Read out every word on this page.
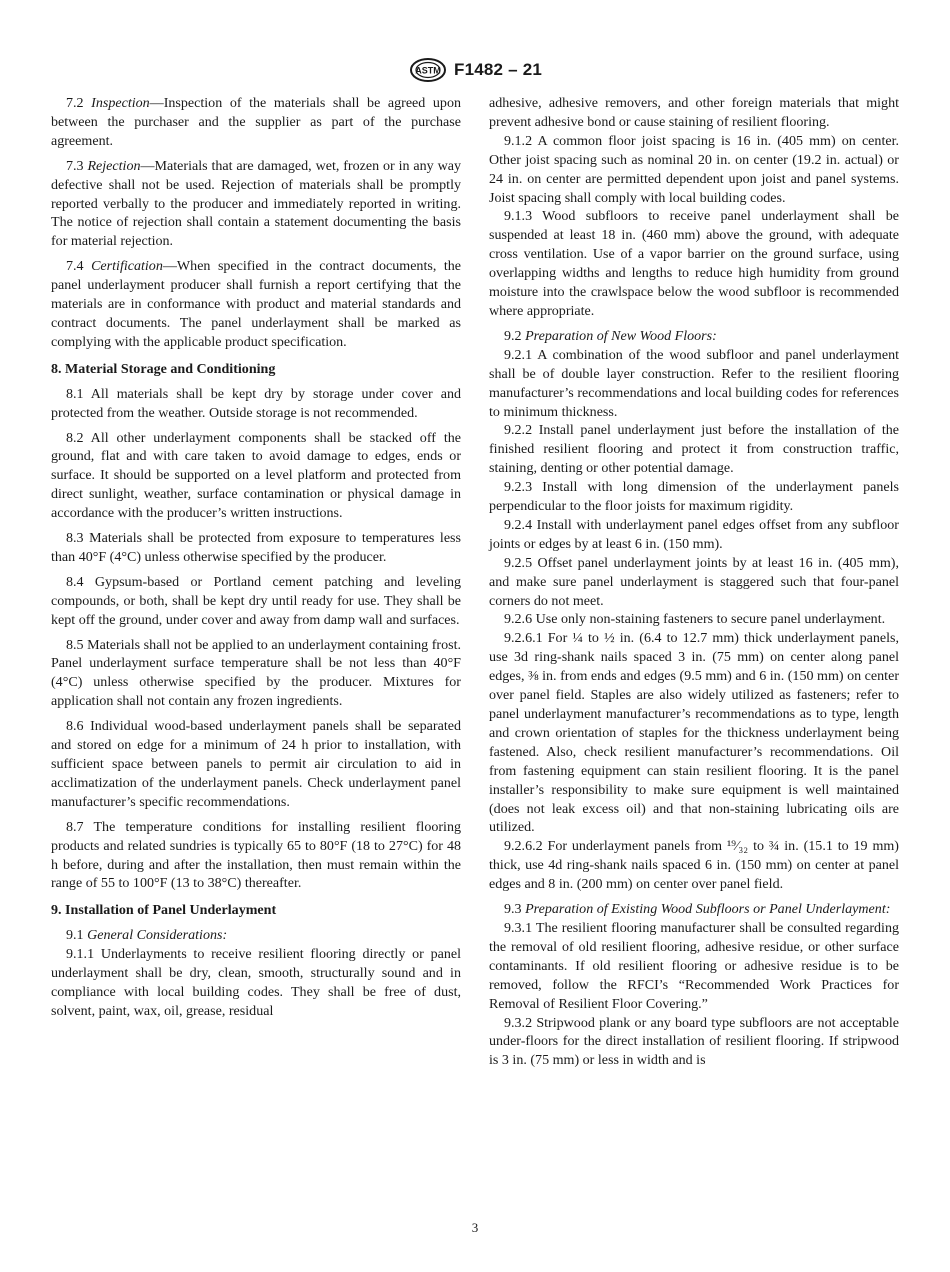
ASTM F1482 – 21

7.2 Inspection—Inspection of the materials shall be agreed upon between the purchaser and the supplier as part of the purchase agreement.

7.3 Rejection—Materials that are damaged, wet, frozen or in any way defective shall not be used. Rejection of materials shall be promptly reported verbally to the producer and immediately reported in writing. The notice of rejection shall contain a statement documenting the basis for material rejection.

7.4 Certification—When specified in the contract documents, the panel underlayment producer shall furnish a report certifying that the materials are in conformance with product and material standards and contract documents. The panel underlayment shall be marked as complying with the applicable product specification.

8. Material Storage and Conditioning

8.1 All materials shall be kept dry by storage under cover and protected from the weather. Outside storage is not recommended.

8.2 All other underlayment components shall be stacked off the ground, flat and with care taken to avoid damage to edges, ends or surface. It should be supported on a level platform and protected from direct sunlight, weather, surface contamination or physical damage in accordance with the producer’s written instructions.

8.3 Materials shall be protected from exposure to temperatures less than 40°F (4°C) unless otherwise specified by the producer.

8.4 Gypsum-based or Portland cement patching and leveling compounds, or both, shall be kept dry until ready for use. They shall be kept off the ground, under cover and away from damp wall and surfaces.

8.5 Materials shall not be applied to an underlayment containing frost. Panel underlayment surface temperature shall be not less than 40°F (4°C) unless otherwise specified by the producer. Mixtures for application shall not contain any frozen ingredients.

8.6 Individual wood-based underlayment panels shall be separated and stored on edge for a minimum of 24 h prior to installation, with sufficient space between panels to permit air circulation to aid in acclimatization of the underlayment panels. Check underlayment panel manufacturer’s specific recommendations.

8.7 The temperature conditions for installing resilient flooring products and related sundries is typically 65 to 80°F (18 to 27°C) for 48 h before, during and after the installation, then must remain within the range of 55 to 100°F (13 to 38°C) thereafter.

9. Installation of Panel Underlayment

9.1 General Considerations:

9.1.1 Underlayments to receive resilient flooring directly or panel underlayment shall be dry, clean, smooth, structurally sound and in compliance with local building codes. They shall be free of dust, solvent, paint, wax, oil, grease, residual

adhesive, adhesive removers, and other foreign materials that might prevent adhesive bond or cause staining of resilient flooring.

9.1.2 A common floor joist spacing is 16 in. (405 mm) on center. Other joist spacing such as nominal 20 in. on center (19.2 in. actual) or 24 in. on center are permitted dependent upon joist and panel systems. Joist spacing shall comply with local building codes.

9.1.3 Wood subfloors to receive panel underlayment shall be suspended at least 18 in. (460 mm) above the ground, with adequate cross ventilation. Use of a vapor barrier on the ground surface, using overlapping widths and lengths to reduce high humidity from ground moisture into the crawlspace below the wood subfloor is recommended where appropriate.

9.2 Preparation of New Wood Floors:

9.2.1 A combination of the wood subfloor and panel underlayment shall be of double layer construction. Refer to the resilient flooring manufacturer’s recommendations and local building codes for references to minimum thickness.

9.2.2 Install panel underlayment just before the installation of the finished resilient flooring and protect it from construction traffic, staining, denting or other potential damage.

9.2.3 Install with long dimension of the underlayment panels perpendicular to the floor joists for maximum rigidity.

9.2.4 Install with underlayment panel edges offset from any subfloor joints or edges by at least 6 in. (150 mm).

9.2.5 Offset panel underlayment joints by at least 16 in. (405 mm), and make sure panel underlayment is staggered such that four-panel corners do not meet.

9.2.6 Use only non-staining fasteners to secure panel underlayment.

9.2.6.1 For ¼ to ½ in. (6.4 to 12.7 mm) thick underlayment panels, use 3d ring-shank nails spaced 3 in. (75 mm) on center along panel edges, ⅜ in. from ends and edges (9.5 mm) and 6 in. (150 mm) on center over panel field. Staples are also widely utilized as fasteners; refer to panel underlayment manufacturer’s recommendations as to type, length and crown orientation of staples for the thickness underlayment being fastened. Also, check resilient manufacturer’s recommendations. Oil from fastening equipment can stain resilient flooring. It is the panel installer’s responsibility to make sure equipment is well maintained (does not leak excess oil) and that non-staining lubricating oils are utilized.

9.2.6.2 For underlayment panels from ¹⁹⁄₃₂ to ¾ in. (15.1 to 19 mm) thick, use 4d ring-shank nails spaced 6 in. (150 mm) on center at panel edges and 8 in. (200 mm) on center over panel field.

9.3 Preparation of Existing Wood Subfloors or Panel Underlayment:

9.3.1 The resilient flooring manufacturer shall be consulted regarding the removal of old resilient flooring, adhesive residue, or other surface contaminants. If old resilient flooring or adhesive residue is to be removed, follow the RFCI’s “Recommended Work Practices for Removal of Resilient Floor Covering.”

9.3.2 Stripwood plank or any board type subfloors are not acceptable under-floors for the direct installation of resilient flooring. If stripwood is 3 in. (75 mm) or less in width and is

3
